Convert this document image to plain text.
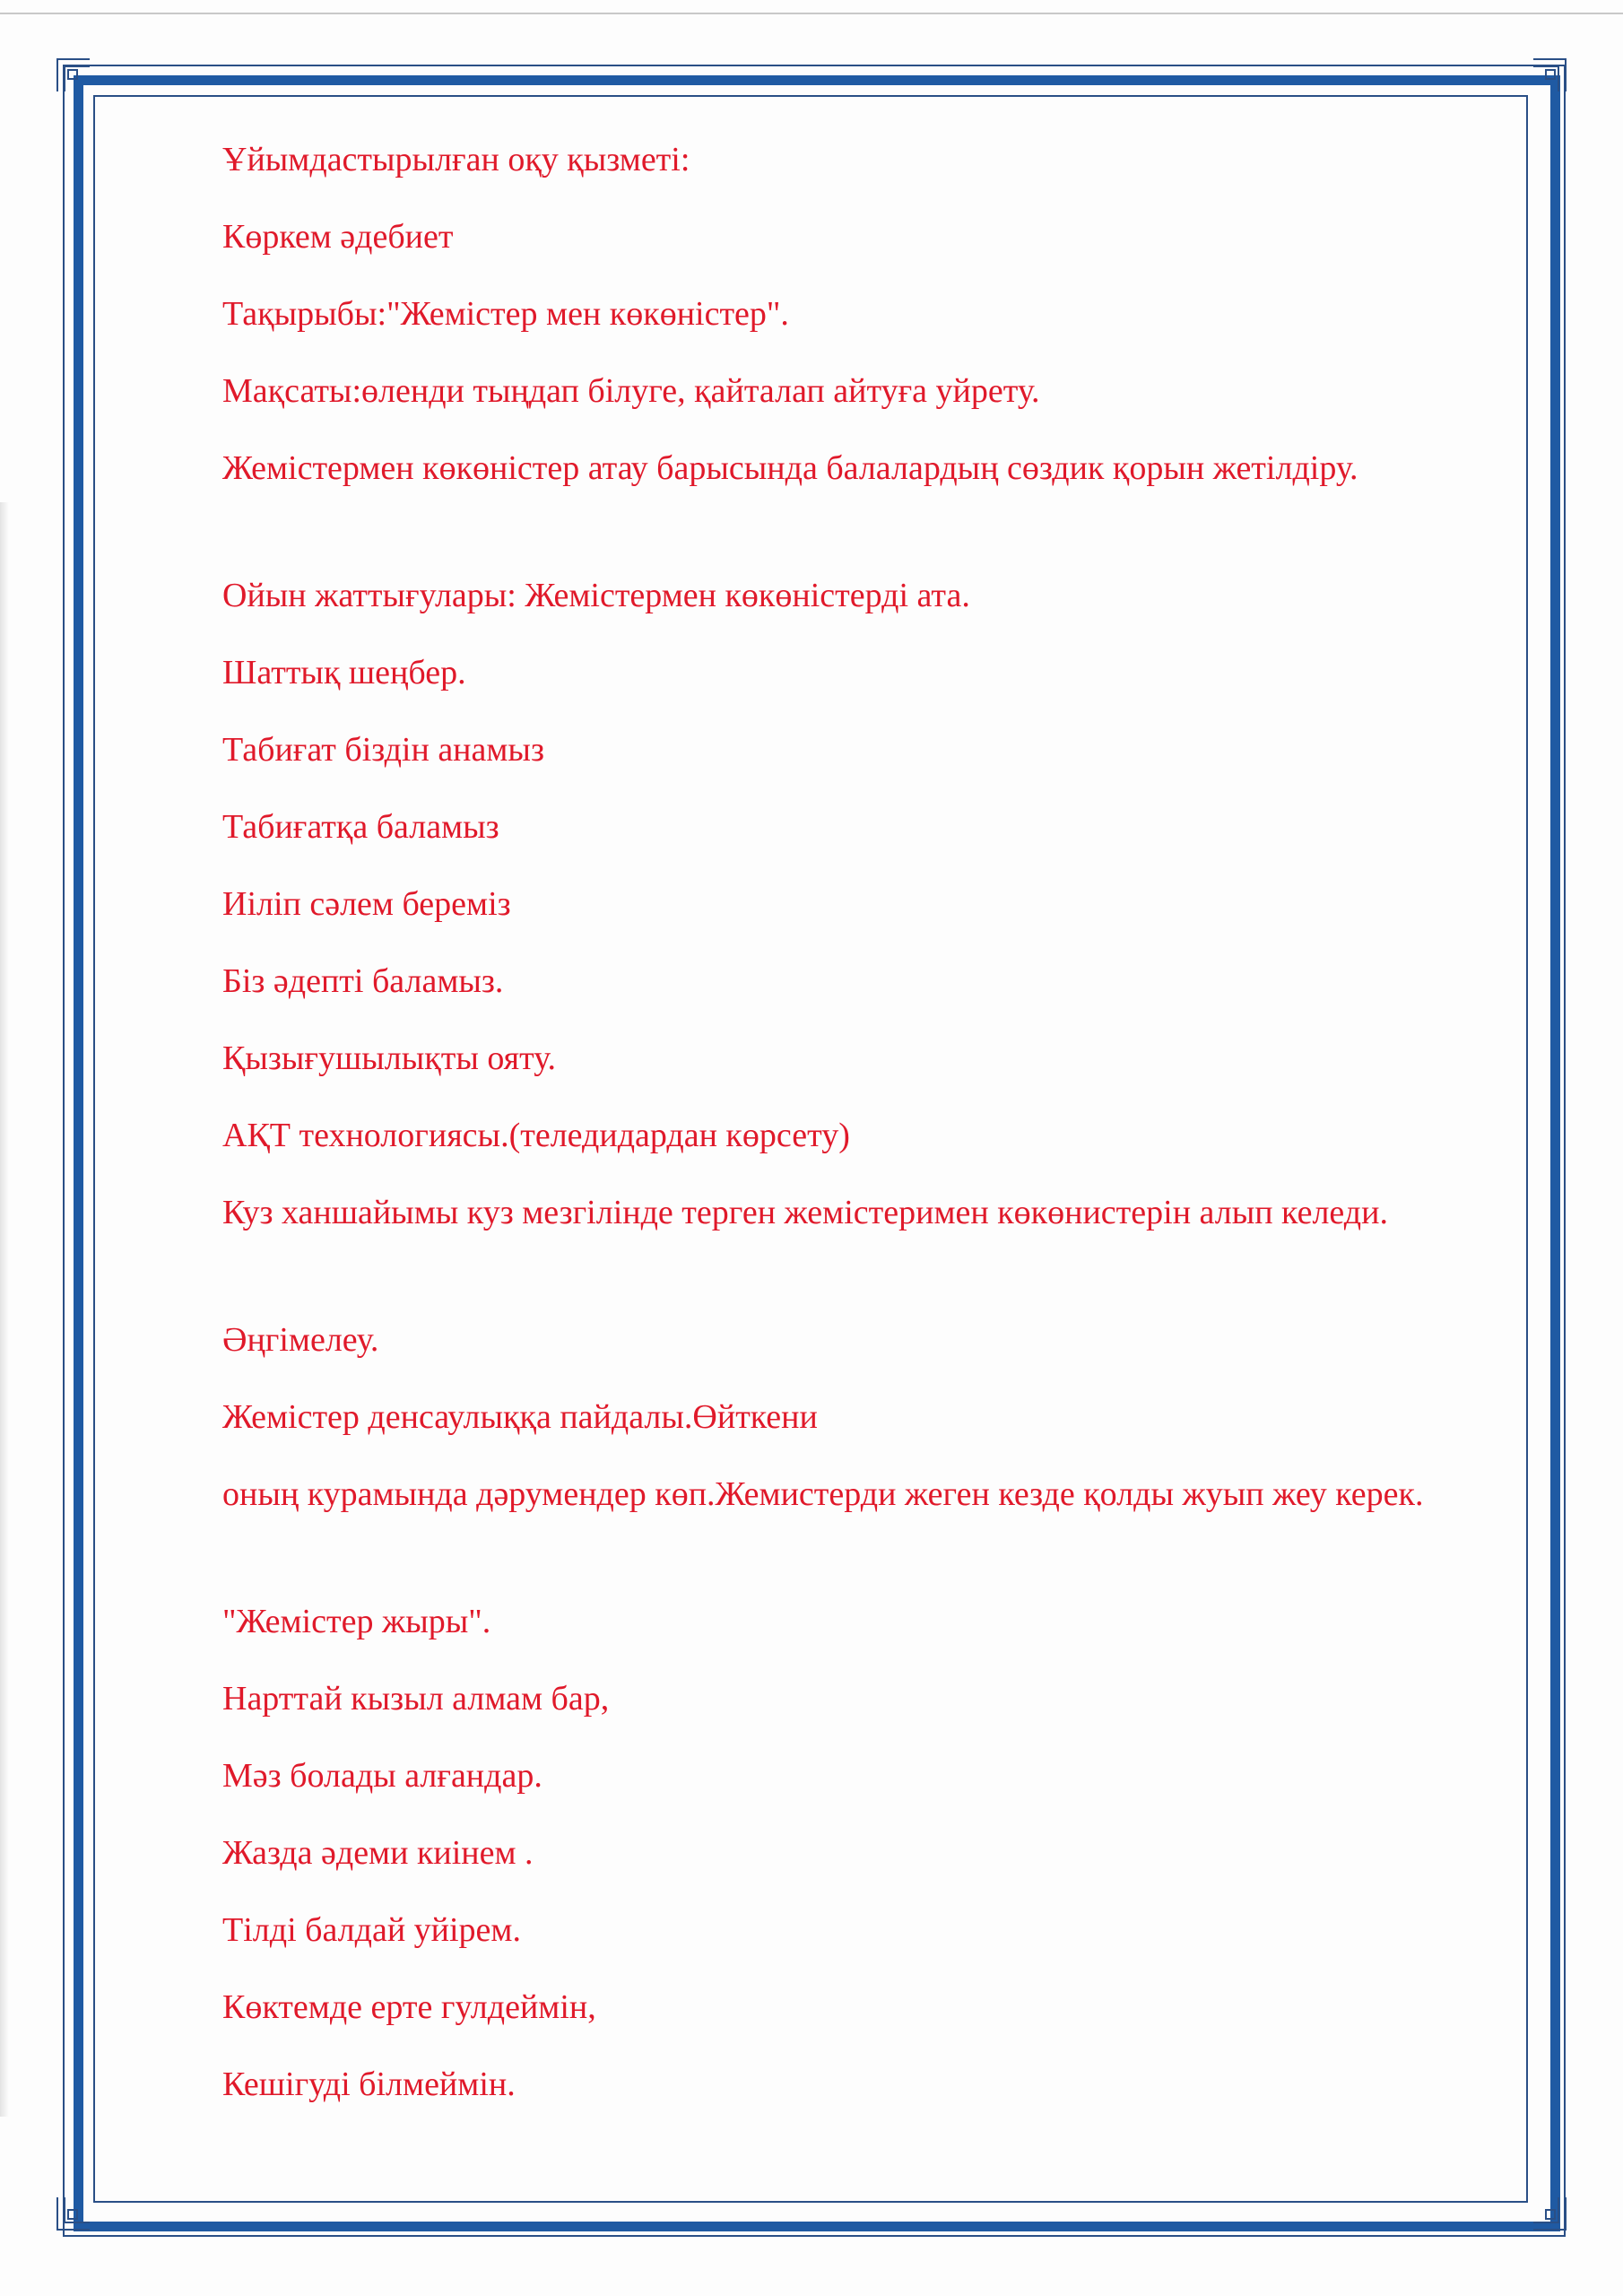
Ұйымдастырылған оқу қызметі:

Көркем әдебиет

Тақырыбы:"Жемістер мен көкөністер".

Мақсаты:өленди тыңдап білуге, қайталап айтуға уйрету.

Жемістермен көкөністер атау барысында балалардың сөздик қорын жетілдіру.

Ойын жаттығулары: Жемістермен көкөністерді ата.

Шаттық шеңбер.

Табиғат біздін анамыз

Табиғатқа баламыз

Иіліп сәлем береміз

Біз әдепті баламыз.

Қызығушылықты ояту.

АҚТ технологиясы.(теледидардан көрсету)

Куз ханшайымы куз мезгілінде терген жемістеримен көкөнистерін алып келеди.

Әңгімелеу.

Жемістер денсаулыққа пайдалы.Өйткени

оның курамында дәрумендер көп.Жемистерди жеген кезде қолды жуып жеу керек.

"Жемістер жыры".

Нарттай кызыл алмам бар,

Мәз болады алғандар.

Жазда әдеми киінем .

Тілді балдай уйірем.

Көктемде ерте гулдеймін,

Кешігуді білмеймін.
